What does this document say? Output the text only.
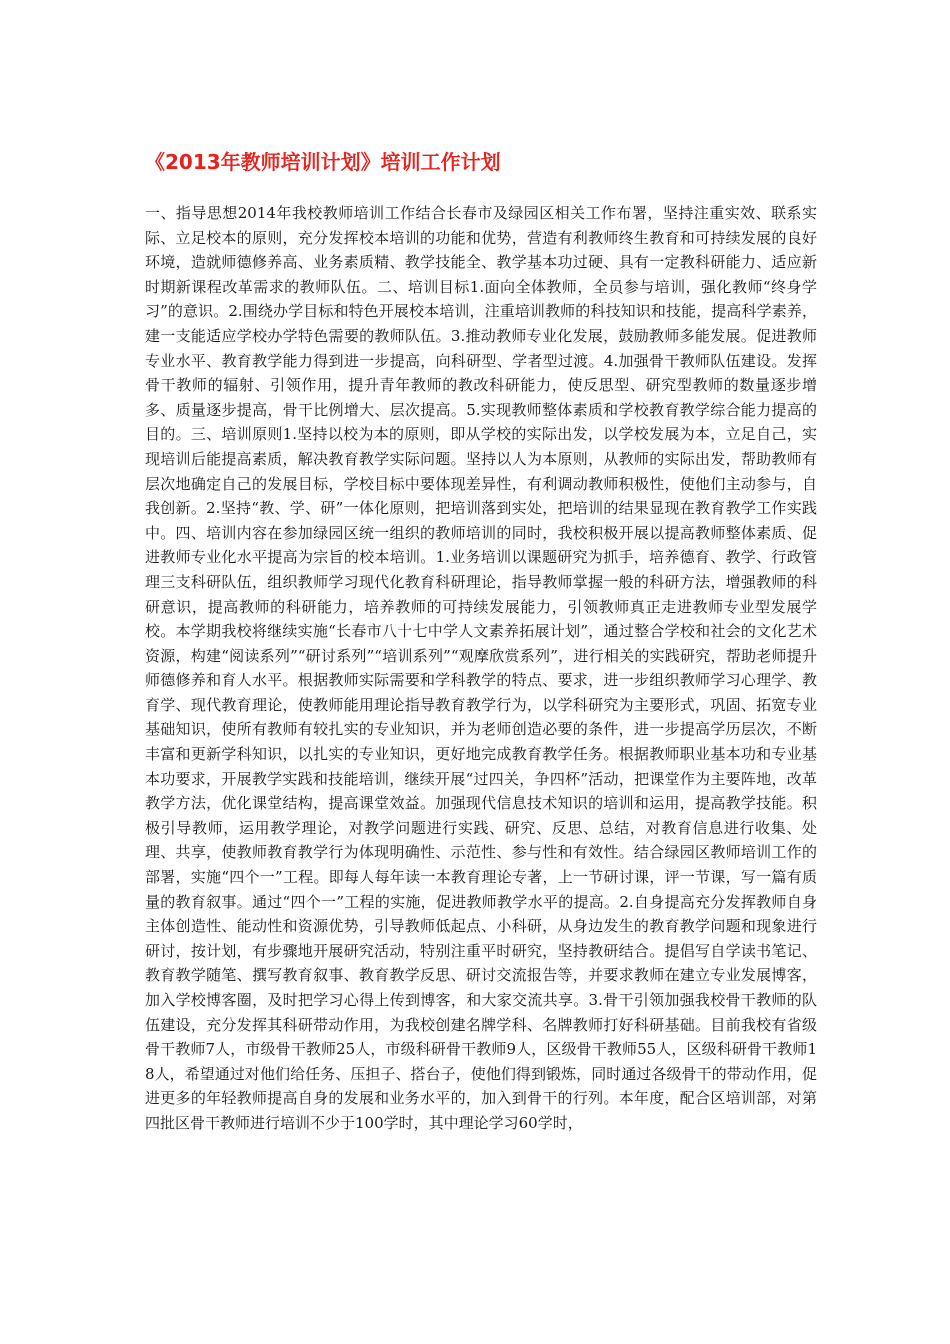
《2013年教师培训计划》培训工作计划

一、指导思想2014年我校教师培训工作结合长春市及绿园区相关工作布署，坚持注重实效、联系实际、立足校本的原则，充分发挥校本培训的功能和优势，营造有利教师终生教育和可持续发展的良好环境，造就师德修养高、业务素质精、教学技能全、教学基本功过硬、具有一定教科研能力、适应新时期新课程改革需求的教师队伍。二、培训目标1.面向全体教师，全员参与培训，强化教师“终身学习”的意识。2.围绕办学目标和特色开展校本培训，注重培训教师的科技知识和技能，提高科学素养，建一支能适应学校办学特色需要的教师队伍。3.推动教师专业化发展，鼓励教师多能发展。促进教师专业水平、教育教学能力得到进一步提高，向科研型、学者型过渡。4.加强骨干教师队伍建设。发挥骨干教师的辐射、引领作用，提升青年教师的教改科研能力，使反思型、研究型教师的数量逐步增多、质量逐步提高，骨干比例增大、层次提高。5.实现教师整体素质和学校教育教学综合能力提高的目的。三、培训原则1.坚持以校为本的原则，即从学校的实际出发，以学校发展为本，立足自己，实现培训后能提高素质，解决教育教学实际问题。坚持以人为本原则，从教师的实际出发，帮助教师有层次地确定自己的发展目标，学校目标中要体现差异性，有利调动教师积极性，使他们主动参与，自我创新。2.坚持“教、学、研”一体化原则，把培训落到实处，把培训的结果显现在教育教学工作实践中。四、培训内容在参加绿园区统一组织的教师培训的同时，我校积极开展以提高教师整体素质、促进教师专业化水平提高为宗旨的校本培训。1.业务培训以课题研究为抓手，培养德育、教学、行政管理三支科研队伍，组织教师学习现代化教育科研理论，指导教师掌握一般的科研方法，增强教师的科研意识，提高教师的科研能力，培养教师的可持续发展能力，引领教师真正走进教师专业型发展学校。本学期我校将继续实施“长春市八十七中学人文素养拓展计划”，通过整合学校和社会的文化艺术资源，构建“阅读系列”“研讨系列”“培训系列”“观摩欣赏系列”，进行相关的实践研究，帮助老师提升师德修养和育人水平。根据教师实际需要和学科教学的特点、要求，进一步组织教师学习心理学、教育学、现代教育理论，使教师能用理论指导教育教学行为，以学科研究为主要形式，巩固、拓宽专业基础知识，使所有教师有较扎实的专业知识，并为老师创造必要的条件，进一步提高学历层次，不断丰富和更新学科知识，以扎实的专业知识，更好地完成教育教学任务。根据教师职业基本功和专业基本功要求，开展教学实践和技能培训，继续开展“过四关，争四杯”活动，把课堂作为主要阵地，改革教学方法，优化课堂结构，提高课堂效益。加强现代信息技术知识的培训和运用，提高教学技能。积极引导教师，运用教学理论，对教学问题进行实践、研究、反思、总结，对教育信息进行收集、处理、共享，使教师教育教学行为体现明确性、示范性、参与性和有效性。结合绿园区教师培训工作的部署，实施“四个一”工程。即每人每年读一本教育理论专著，上一节研讨课，评一节课，写一篇有质量的教育叙事。通过“四个一”工程的实施，促进教师教学水平的提高。2.自身提高充分发挥教师自身主体创造性、能动性和资源优势，引导教师低起点、小科研，从身边发生的教育教学问题和现象进行研讨，按计划，有步骤地开展研究活动，特别注重平时研究，坚持教研结合。提倡写自学读书笔记、教育教学随笔、撰写教育叙事、教育教学反思、研讨交流报告等，并要求教师在建立专业发展博客，加入学校博客圈，及时把学习心得上传到博客，和大家交流共享。3.骨干引领加强我校骨干教师的队伍建设，充分发挥其科研带动作用，为我校创建名牌学科、名牌教师打好科研基础。目前我校有省级骨干教师7人，市级骨干教师25人，市级科研骨干教师9人，区级骨干教师55人，区级科研骨干教师18人，希望通过对他们给任务、压担子、搭台子，使他们得到锻炼，同时通过各级骨干的带动作用，促进更多的年轻教师提高自身的发展和业务水平的，加入到骨干的行列。本年度，配合区培训部，对第四批区骨干教师进行培训不少于100学时，其中理论学习60学时，
